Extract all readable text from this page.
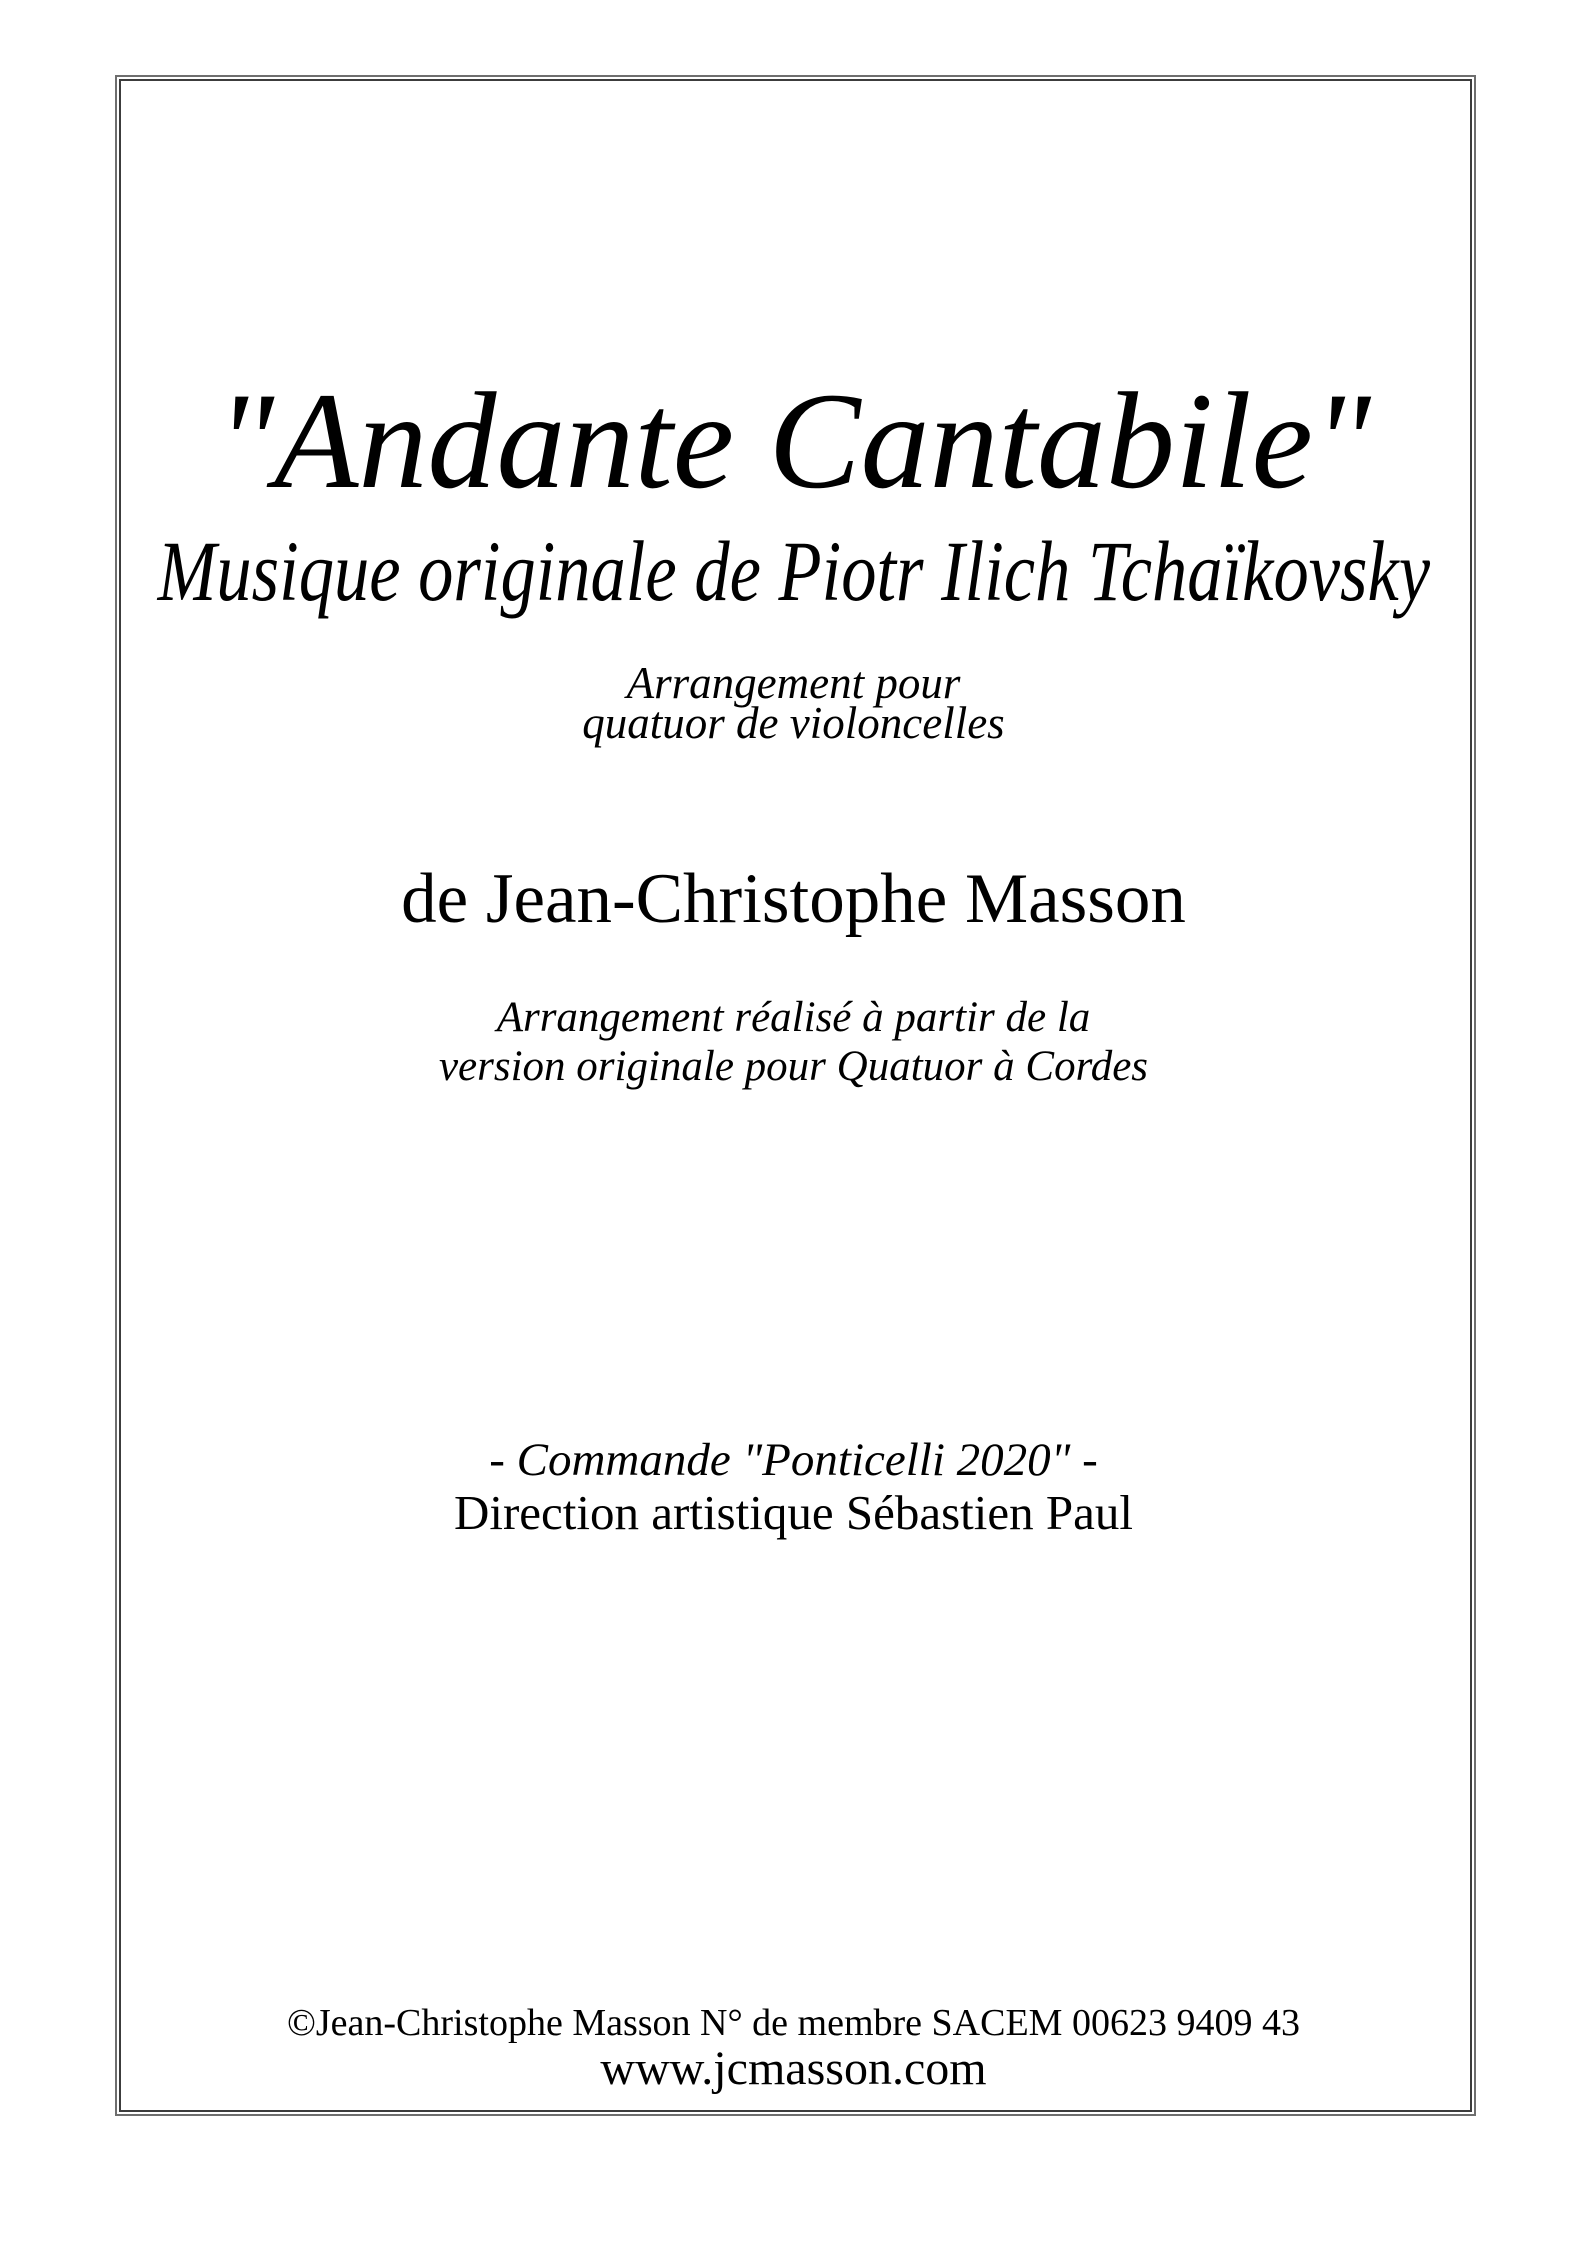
"Andante Cantabile"
Musique originale de Piotr Ilich Tchaïkovsky
Arrangement pour
quatuor de violoncelles
de Jean-Christophe Masson
Arrangement réalisé à partir de la
version originale pour Quatuor à Cordes
- Commande "Ponticelli 2020" -
Direction artistique Sébastien Paul
©Jean-Christophe Masson N° de membre SACEM 00623 9409 43
www.jcmasson.com
